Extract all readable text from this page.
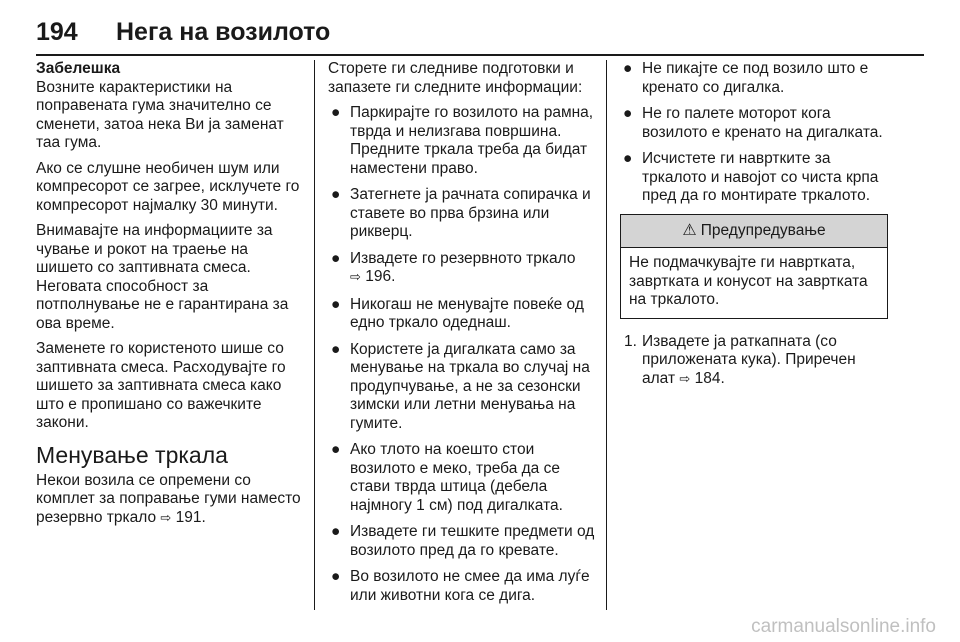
194 Нега на возилото

Забелешка

Возните карактеристики на поправената гума значително се сменети, затоа нека Ви ја заменат таа гума.

Ако се слушне необичен шум или компресорот се загрее, исклучете го компресорот најмалку 30 минути.

Внимавајте на информациите за чување и рокот на траење на шишето со заптивната смеса. Неговата способност за потполнување не е гарантирана за ова време.

Заменете го користеното шише со заптивната смеса. Расходувајте го шишето за заптивната смеса како што е пропишано со важечките закони.

Менување тркала

Некои возила се опремени со комплет за поправање гуми наместо резервно тркало ⇨ 191.

Сторете ги следниве подготовки и запазете ги следните информации:

● Паркирајте го возилото на рамна, тврда и нелизгава површина. Предните тркала треба да бидат наместени право.
● Затегнете ја рачната сопирачка и ставете во прва брзина или рикверц.
● Извадете го резервното тркало
⇨ 196.
● Никогаш не менувајте повеќе од едно тркало одеднаш.
● Користете ја дигалката само за менување на тркала во случај на продупчување, а не за сезонски зимски или летни менувања на гумите.
● Ако тлото на коешто стои возилото е меко, треба да се стави тврда штица (дебела најмногу 1 см) под дигалката.
● Извадете ги тешките предмети од возилото пред да го кревате.
● Во возилото не смее да има луѓе или животни кога се дига.
● Не пикајте се под возило што е кренато со дигалка.
● Не го палете моторот кога возилото е кренато на дигалката.
● Исчистете ги навртките за тркалото и навојот со чиста крпа пред да го монтирате тркалото.
⚠ Предупредување
Не подмачкувајте ги навртката, завртката и конусот на завртката на тркалото.
1. Извадете ја раткапната (со приложената кука). Приречен алат ⇨ 184.
carmanualsonline.info
